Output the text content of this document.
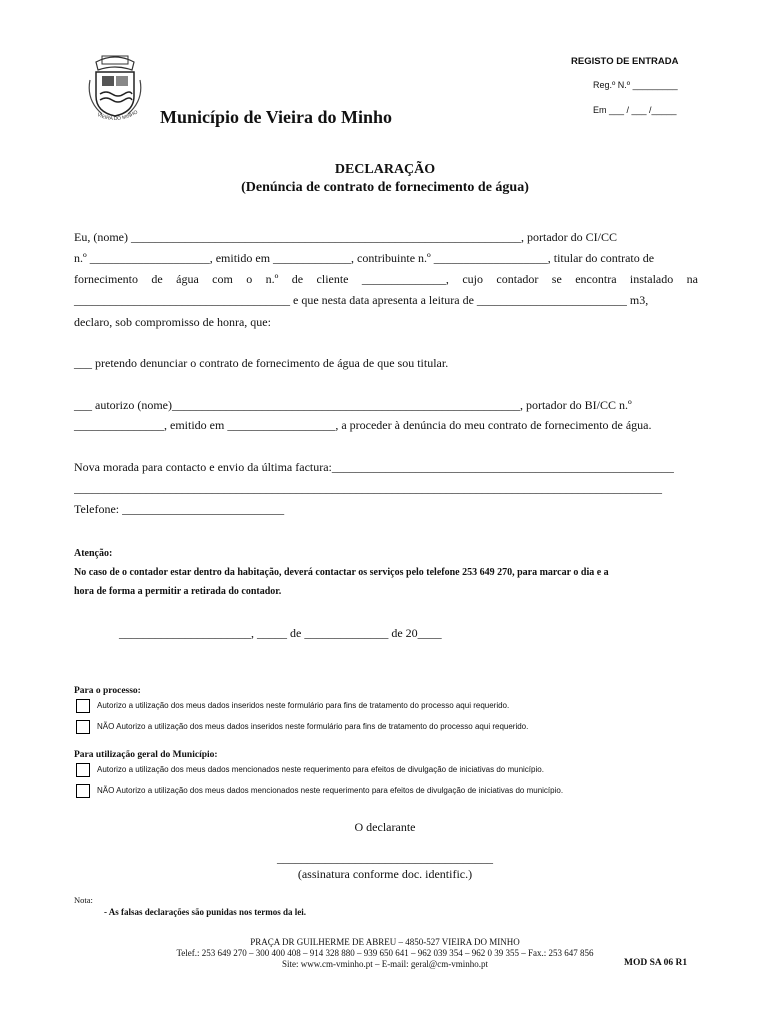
VIEIRA DO MINHO
REGISTO DE ENTRADA
Reg.º N.º _________
Em ___ / ___ /_____
Município de Vieira do Minho
DECLARAÇÃO
(Denúncia de contrato de fornecimento de água)
Eu, (nome) _________________________________________________________________, portador do CI/CC
n.º ____________________, emitido em _____________, contribuinte n.º ___________________, titular do contrato de
fornecimento de água com o n.º de cliente ______________, cujo contador se encontra instalado na
____________________________________ e que nesta data apresenta a leitura de _________________________ m3,
declaro, sob compromisso de honra, que:
___ pretendo denunciar o contrato de fornecimento de água de que sou titular.
___ autorizo (nome)__________________________________________________________, portador do BI/CC n.º
_______________, emitido em __________________, a proceder à denúncia do meu contrato de fornecimento de água.
Nova morada para contacto e envio da última factura:_________________________________________________________
__________________________________________________________________________________________________
Telefone: ___________________________
Atenção:
No caso de o contador estar dentro da habitação, deverá contactar os serviços pelo telefone 253 649 270, para marcar o dia e a
hora de forma a permitir a retirada do contador.
______________________, _____ de ______________ de 20____
Para o processo:
Autorizo a utilização dos meus dados inseridos neste formulário para fins de tratamento do processo aqui requerido.
NÃO Autorizo a utilização dos meus dados inseridos neste formulário para fins de tratamento do processo aqui requerido.
Para utilização geral do Município:
Autorizo a utilização dos meus dados mencionados neste requerimento para efeitos de divulgação de iniciativas do município.
NÃO Autorizo a utilização dos meus dados mencionados neste requerimento para efeitos de divulgação de iniciativas do município.
O declarante
____________________________________
(assinatura conforme doc. identific.)
Nota:
- As falsas declarações são punidas nos termos da lei.
PRAÇA DR GUILHERME DE ABREU – 4850-527 VIEIRA DO MINHO
Telef.: 253 649 270 – 300 400 408 – 914 328 880 – 939 650 641 – 962 039 354 – 962 0 39 355 – Fax.: 253 647 856
Site: www.cm-vminho.pt – E-mail: geral@cm-vminho.pt	MOD SA 06 R1
